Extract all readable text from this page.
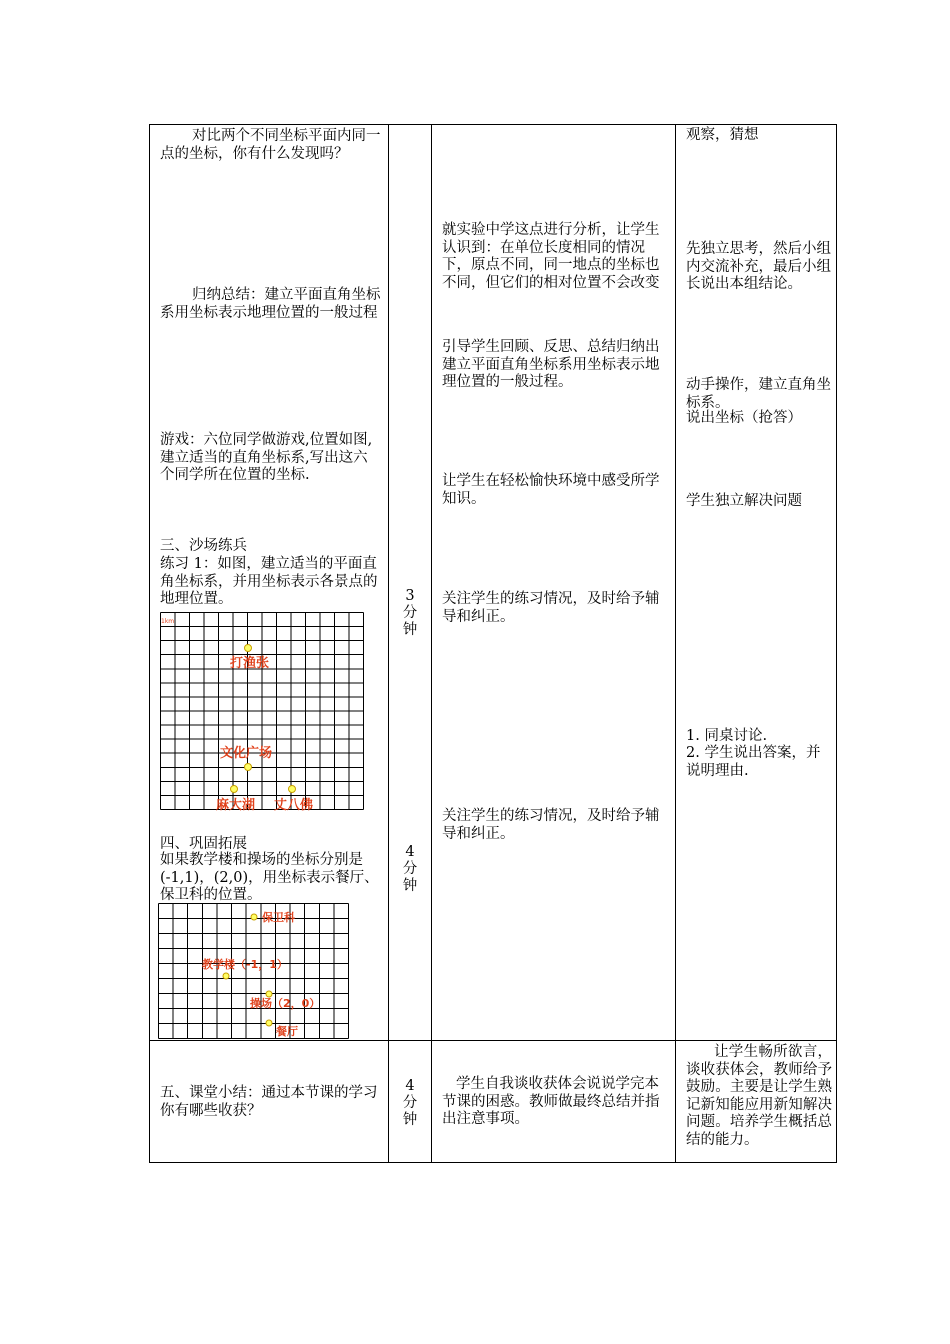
对比两个不同坐标平面内同一点的坐标，你有什么发现吗？
归纳总结：建立平面直角坐标系用坐标表示地理位置的一般过程
游戏：六位同学做游戏,位置如图,建立适当的直角坐标系,写出这六个同学所在位置的坐标.
三、沙场练兵
练习 1：如图，建立适当的平面直角坐标系，并用坐标表示各景点的地理位置。
1km
打渔张
文化广场
麻大湖 丈八佛
四、巩固拓展
如果教学楼和操场的坐标分别是(-1,1)，(2,0)，用坐标表示餐厅、保卫科的位置。
保卫科
教学楼（-1，1）
操场（2，0）
餐厅
3
分
钟
4
分
钟
就实验中学这点进行分析，让学生认识到：在单位长度相同的情况下，原点不同，同一地点的坐标也不同，但它们的相对位置不会改变
引导学生回顾、反思、总结归纳出建立平面直角坐标系用坐标表示地理位置的一般过程。
让学生在轻松愉快环境中感受所学知识。
关注学生的练习情况，及时给予辅导和纠正。
关注学生的练习情况，及时给予辅导和纠正。
观察，猜想
先独立思考，然后小组内交流补充，最后小组长说出本组结论。
动手操作，建立直角坐标系。
说出坐标（抢答）
学生独立解决问题
1. 同桌讨论.
2. 学生说出答案，并说明理由.
五、课堂小结：通过本节课的学习你有哪些收获？
4
分
钟
学生自我谈收获体会说说学完本节课的困惑。教师做最终总结并指出注意事项。
让学生畅所欲言，谈收获体会，教师给予鼓励。主要是让学生熟记新知能应用新知解决问题。培养学生概括总结的能力。
